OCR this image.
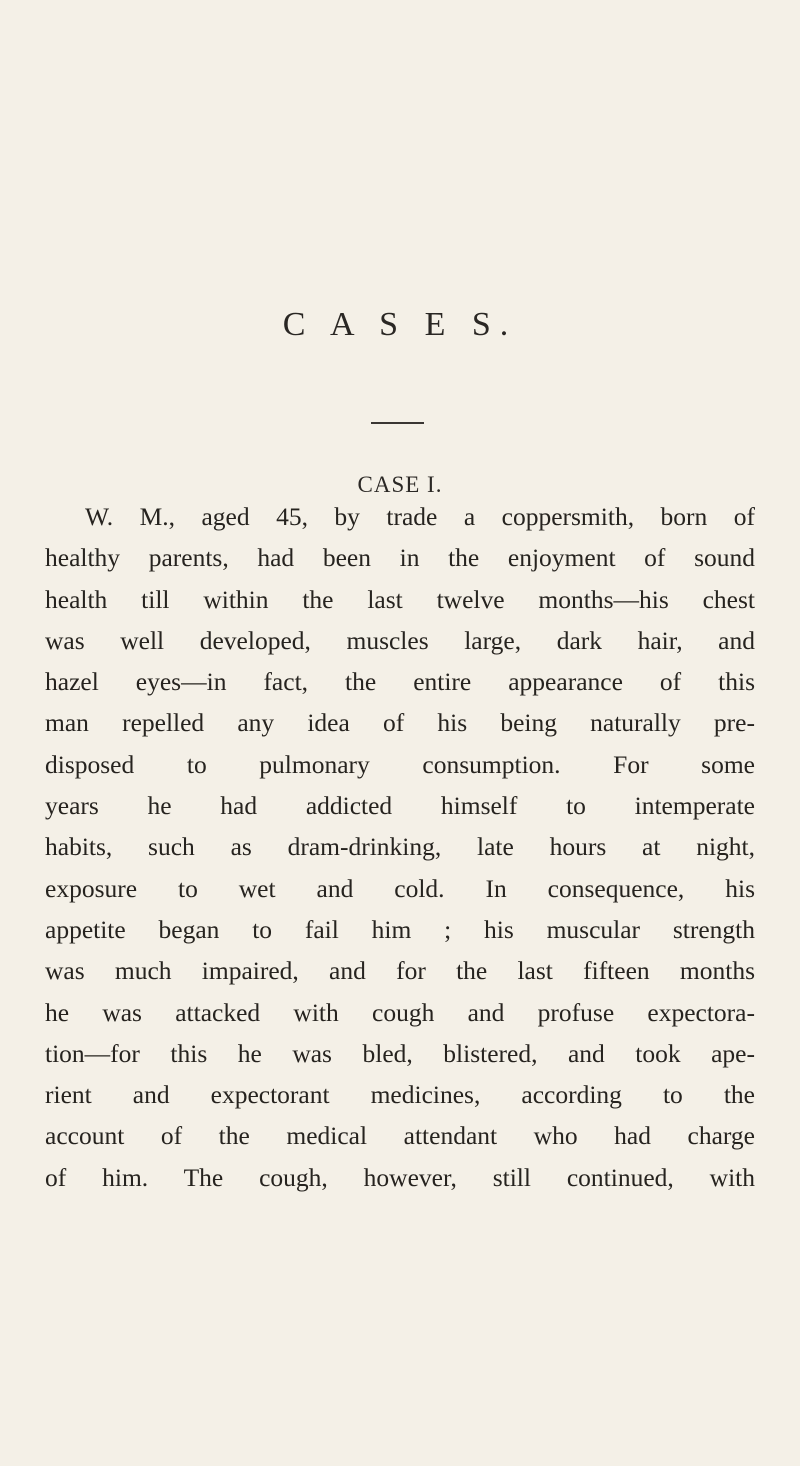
C A S E S.
CASE I.
W. M., aged 45, by trade a coppersmith, born of
healthy parents, had been in the enjoyment of sound
health till within the last twelve months—his chest
was well developed, muscles large, dark hair, and
hazel eyes—in fact, the entire appearance of this
man repelled any idea of his being naturally pre-
disposed to pulmonary consumption. For some
years he had addicted himself to intemperate
habits, such as dram-drinking, late hours at night,
exposure to wet and cold. In consequence, his
appetite began to fail him ; his muscular strength
was much impaired, and for the last fifteen months
he was attacked with cough and profuse expectora-
tion—for this he was bled, blistered, and took ape-
rient and expectorant medicines, according to the
account of the medical attendant who had charge
of him. The cough, however, still continued, with
